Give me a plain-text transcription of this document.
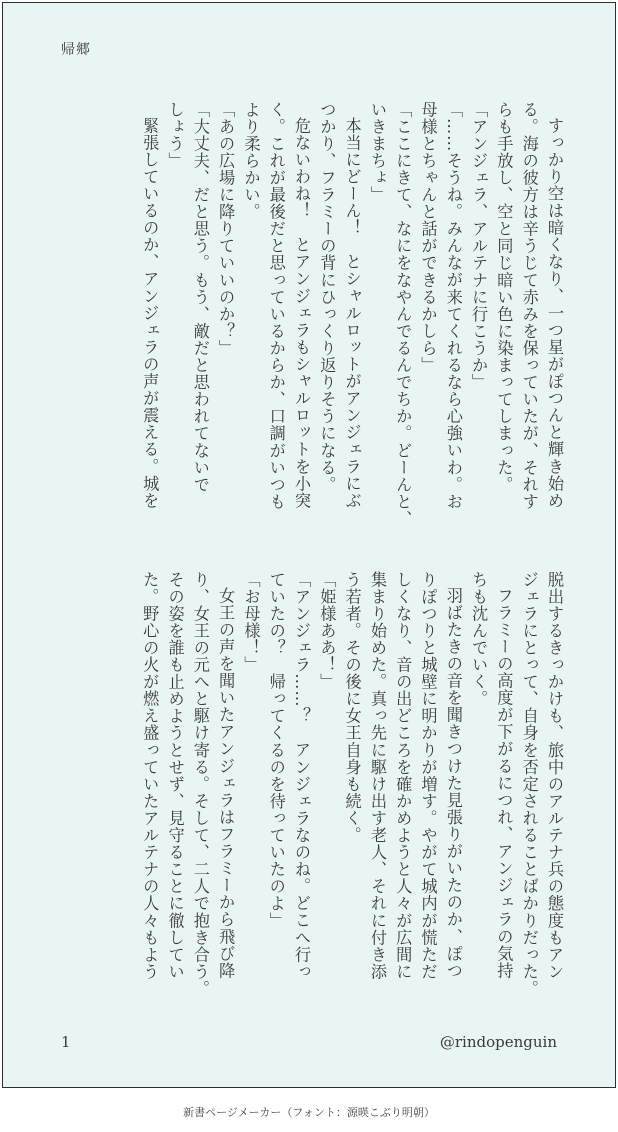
帰郷
すっかり空は暗くなり、一つ星がぽつんと輝き始め
る。海の彼方は辛うじて赤みを保っていたが、それす
らも手放し、空と同じ暗い色に染まってしまった。
「アンジェラ、アルテナに行こうか」
「……そうね。みんなが来てくれるなら心強いわ。お
母様とちゃんと話ができるかしら」
「ここにきて、なにをなやんでるんでちか。どーんと、
いきまちょ」
本当にどーん！　とシャルロットがアンジェラにぶ
つかり、フラミーの背にひっくり返りそうになる。
危ないわね！　とアンジェラもシャルロットを小突
く。これが最後だと思っているからか、口調がいつも
より柔らかい。
「あの広場に降りていいのか？」
「大丈夫、だと思う。もう、敵だと思われてないで
しょう」
緊張しているのか、アンジェラの声が震える。城を
脱出するきっかけも、旅中のアルテナ兵の態度もアン
ジェラにとって、自身を否定されることばかりだった。
フラミーの高度が下がるにつれ、アンジェラの気持
ちも沈んでいく。
羽ばたきの音を聞きつけた見張りがいたのか、ぽつ
りぽつりと城壁に明かりが増す。やがて城内が慌ただ
しくなり、音の出どころを確かめようと人々が広間に
集まり始めた。真っ先に駆け出す老人、それに付き添
う若者。その後に女王自身も続く。
「姫様ああ！」
「アンジェラ……？　アンジェラなのね。どこへ行っ
ていたの？　帰ってくるのを待っていたのよ」
「お母様！」
女王の声を聞いたアンジェラはフラミーから飛び降
り、女王の元へと駆け寄る。そして、二人で抱き合う。
その姿を誰も止めようとせず、見守ることに徹してい
た。野心の火が燃え盛っていたアルテナの人々もよう
1	@rindopenguin
新書ページメーカー（フォント：源暎こぶり明朝）
